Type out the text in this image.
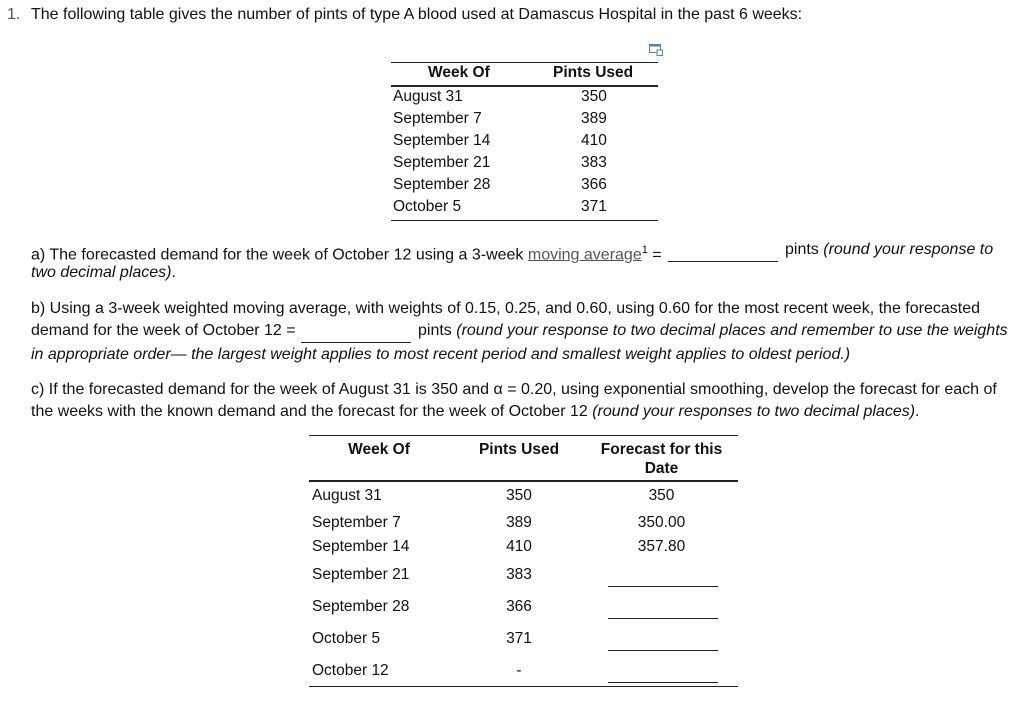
1. The following table gives the number of pints of type A blood used at Damascus Hospital in the past 6 weeks:
Week Of	Pints Used
August 31	350
September 7	389
September 14	410
September 21	383
September 28	366
October 5	371
a) The forecasted demand for the week of October 12 using a 3-week moving average$^1$ =	pints (round your response to
two decimal places).
b) Using a 3-week weighted moving average, with weights of 0.15, 0.25, and 0.60, using 0.60 for the most recent week, the forecasted
demand for the week of October 12 =	pints (round your response to two decimal places and remember to use the weights
in appropriate order— the largest weight applies to most recent period and smallest weight applies to oldest period.)
c) If the forecasted demand for the week of August 31 is 350 and α = 0.20, using exponential smoothing, develop the forecast for each of
the weeks with the known demand and the forecast for the week of October 12 (round your responses to two decimal places).
Week Of	Pints Used	Forecast for this
Date
August 31	350	350
September 7	389	350.00
September 14	410	357.80
September 21	383
September 28	366
October 5	371
October 12	-
